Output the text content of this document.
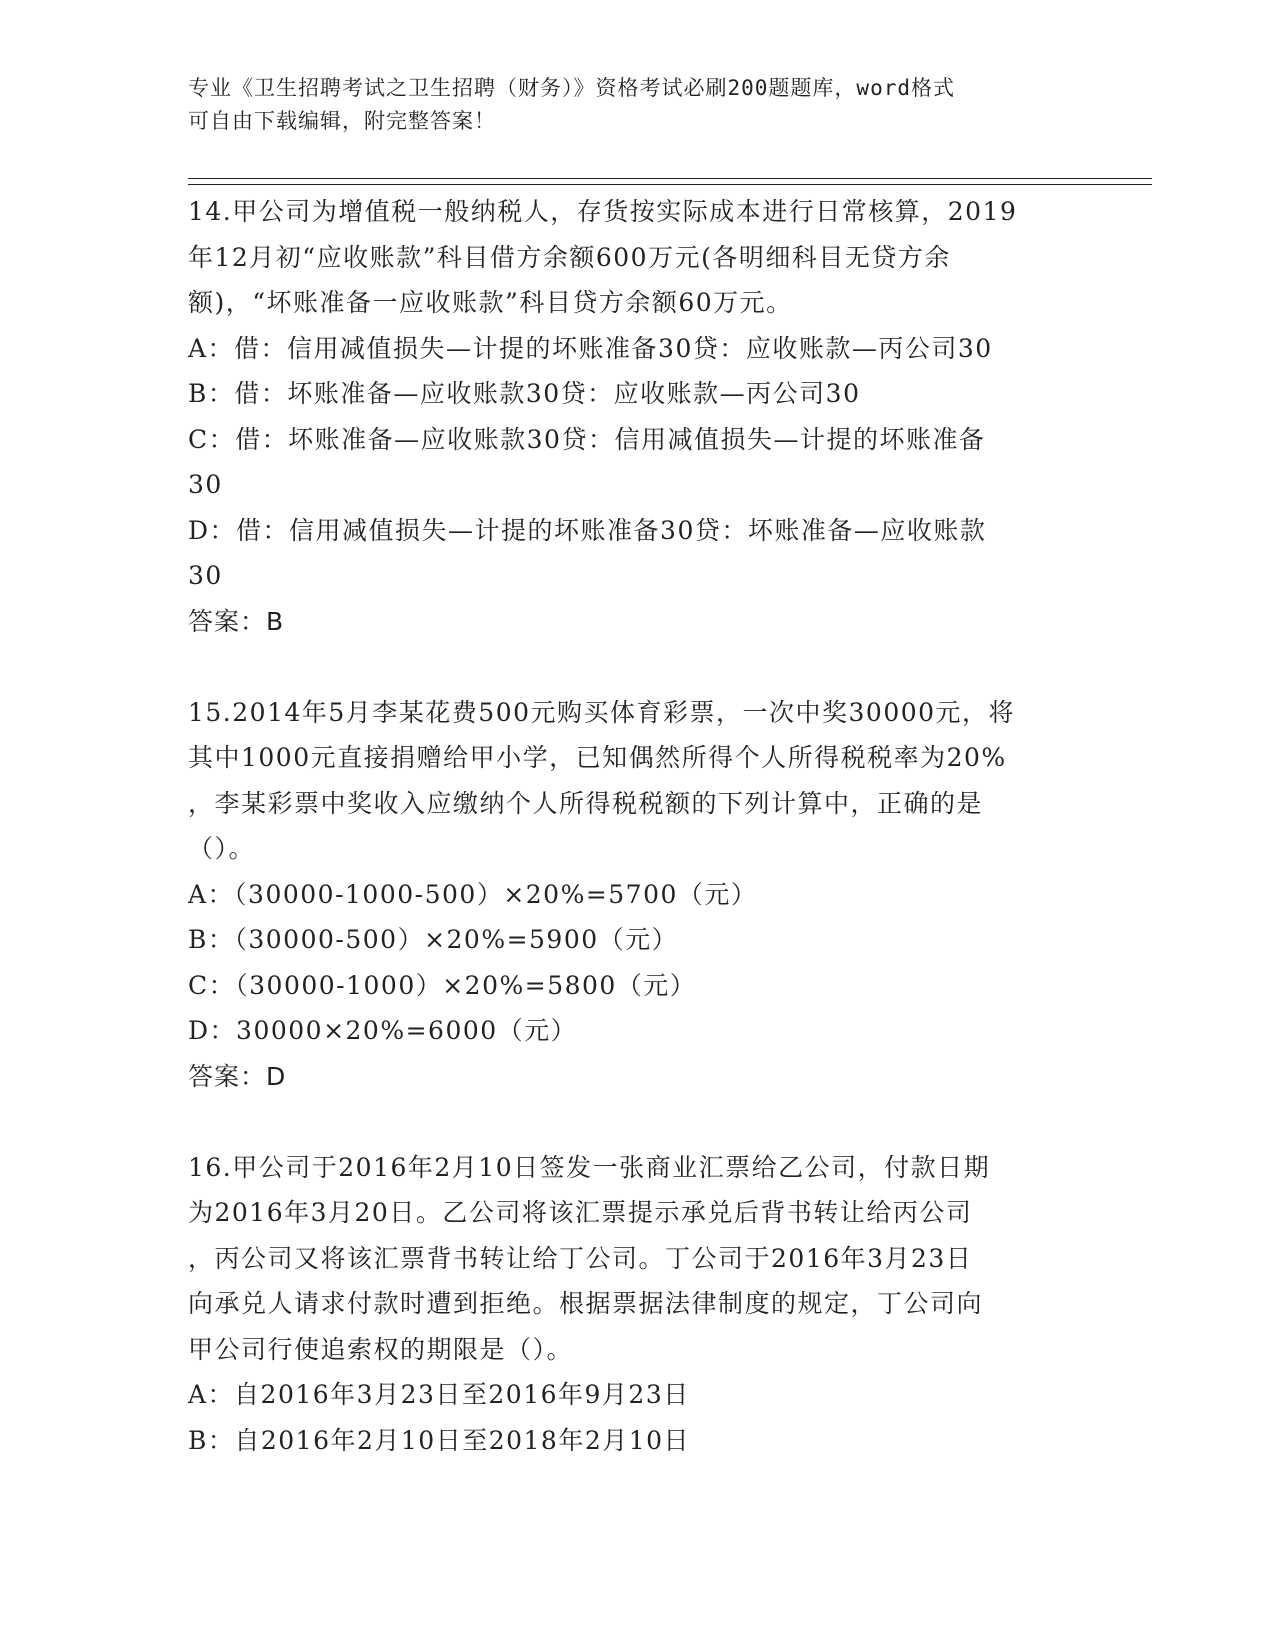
专业《卫生招聘考试之卫生招聘（财务）》资格考试必刷200题题库，word格式
可自由下载编辑，附完整答案！
14.甲公司为增值税一般纳税人，存货按实际成本进行日常核算，2019
年12月初“应收账款”科目借方余额600万元(各明细科目无贷方余
额)，“坏账准备一应收账款”科目贷方余额60万元。
A：借：信用减值损失—计提的坏账准备30贷：应收账款—丙公司30
B：借：坏账准备—应收账款30贷：应收账款—丙公司30
C：借：坏账准备—应收账款30贷：信用减值损失—计提的坏账准备
30
D：借：信用减值损失—计提的坏账准备30贷：坏账准备—应收账款
30
答案：B
15.2014年5月李某花费500元购买体育彩票，一次中奖30000元，将
其中1000元直接捐赠给甲小学，已知偶然所得个人所得税税率为20%
，李某彩票中奖收入应缴纳个人所得税税额的下列计算中，正确的是
（）。
A：（30000-1000-500）×20%=5700（元）
B：（30000-500）×20%=5900（元）
C：（30000-1000）×20%=5800（元）
D：30000×20%=6000（元）
答案：D
16.甲公司于2016年2月10日签发一张商业汇票给乙公司，付款日期
为2016年3月20日。乙公司将该汇票提示承兑后背书转让给丙公司
，丙公司又将该汇票背书转让给丁公司。丁公司于2016年3月23日
向承兑人请求付款时遭到拒绝。根据票据法律制度的规定，丁公司向
甲公司行使追索权的期限是（）。
A：自2016年3月23日至2016年9月23日
B：自2016年2月10日至2018年2月10日
